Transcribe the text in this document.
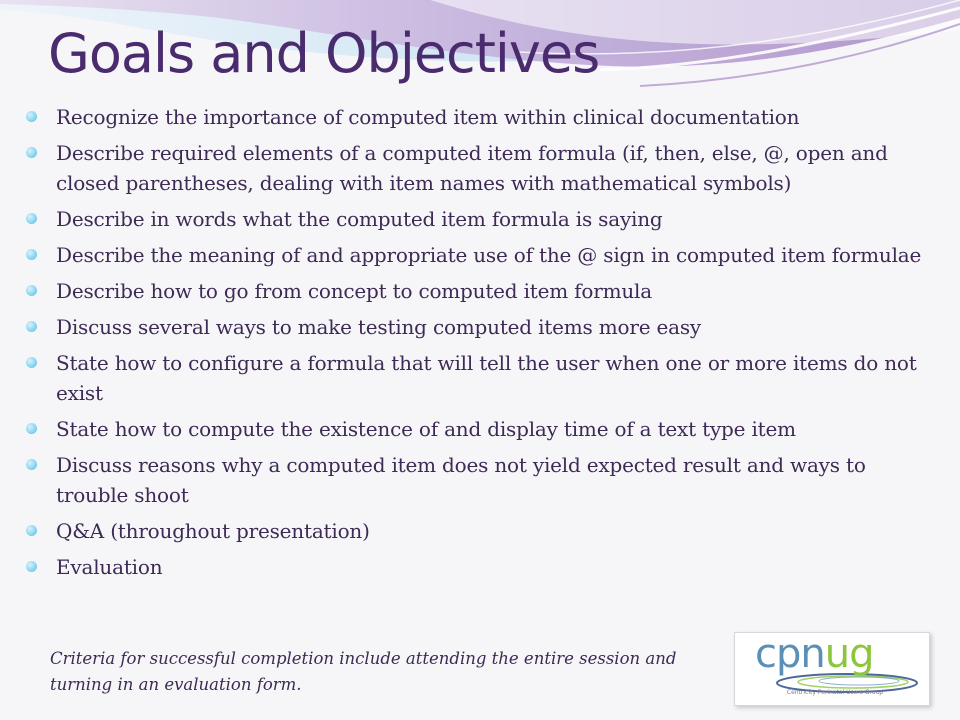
Goals and Objectives
Recognize the importance of computed item within clinical documentation
Describe required elements of a computed item formula (if, then, else, @, open and closed parentheses, dealing with item names with mathematical symbols)
Describe in words what the computed item formula is saying
Describe the meaning of and appropriate use of the @ sign in computed item formulae
Describe how to go from concept to computed item formula
Discuss several ways to make testing computed items more easy
State how to configure a formula that will tell the user when one or more items do not exist
State how to compute the existence of and display time of a text type item
Discuss reasons why a computed item does not yield expected result and ways to trouble shoot
Q&A (throughout presentation)
Evaluation

Criteria for successful completion include attending the entire session and turning in an evaluation form.

cpnug
Centricity Perinatal Users Group
